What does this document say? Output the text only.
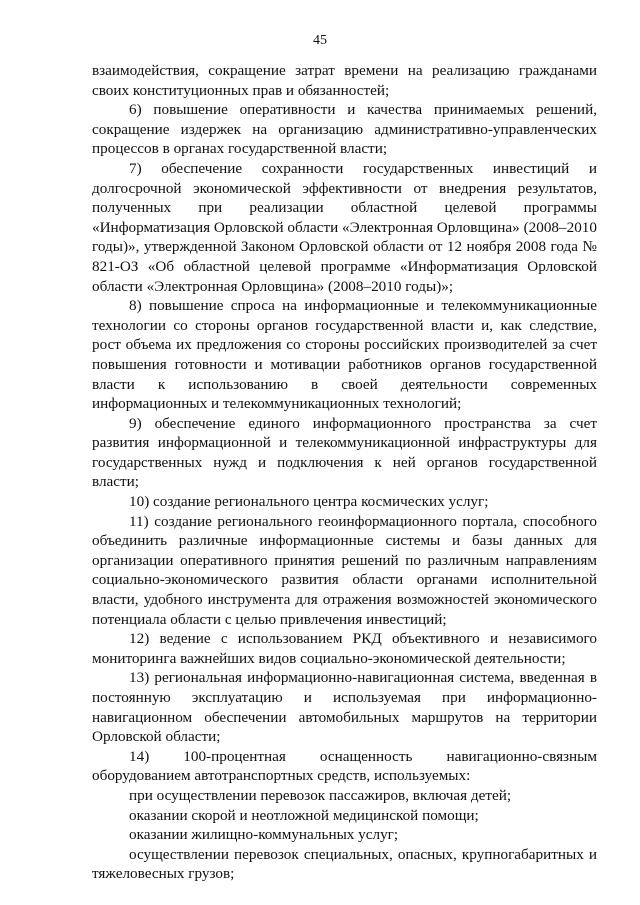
45

взаимодействия, сокращение затрат времени на реализацию гражданами своих конституционных прав и обязанностей;

6) повышение оперативности и качества принимаемых решений, сокращение издержек на организацию административно-управленческих процессов в органах государственной власти;

7) обеспечение сохранности государственных инвестиций и долгосрочной экономической эффективности от внедрения результатов, полученных при реализации областной целевой программы «Информатизация Орловской области «Электронная Орловщина» (2008–2010 годы)», утвержденной Законом Орловской области от 12 ноября 2008 года № 821-ОЗ «Об областной целевой программе «Информатизация Орловской области «Электронная Орловщина» (2008–2010 годы)»;

8) повышение спроса на информационные и телекоммуникационные технологии со стороны органов государственной власти и, как следствие, рост объема их предложения со стороны российских производителей за счет повышения готовности и мотивации работников органов государственной власти к использованию в своей деятельности современных информационных и телекоммуникационных технологий;

9) обеспечение единого информационного пространства за счет развития информационной и телекоммуникационной инфраструктуры для государственных нужд и подключения к ней органов государственной власти;

10) создание регионального центра космических услуг;

11) создание регионального геоинформационного портала, способного объединить различные информационные системы и базы данных для организации оперативного принятия решений по различным направлениям социально-экономического развития области органами исполнительной власти, удобного инструмента для отражения возможностей экономического потенциала области с целью привлечения инвестиций;

12) ведение с использованием РКД объективного и независимого мониторинга важнейших видов социально-экономической деятельности;

13) региональная информационно-навигационная система, введенная в постоянную эксплуатацию и используемая при информационно-навигационном обеспечении автомобильных маршрутов на территории Орловской области;

14) 100-процентная оснащенность навигационно-связным оборудованием автотранспортных средств, используемых:

при осуществлении перевозок пассажиров, включая детей;

оказании скорой и неотложной медицинской помощи;

оказании жилищно-коммунальных услуг;

осуществлении перевозок специальных, опасных, крупногабаритных и тяжеловесных грузов;
